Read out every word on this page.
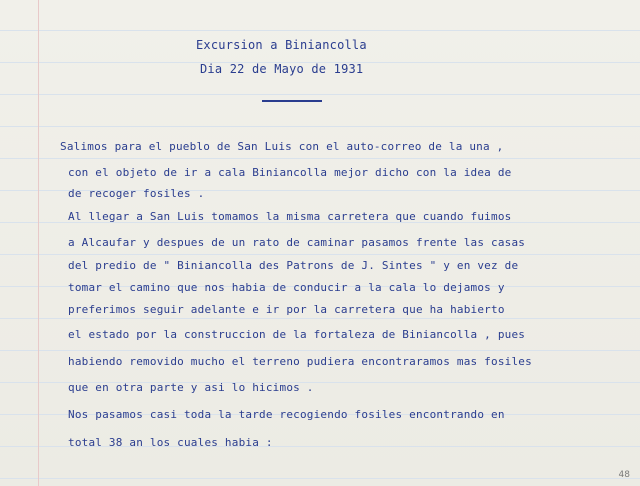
Excursion a Biniancolla

Dia 22 de Mayo de 1931

Salimos para el pueblo de San Luis con el auto-correo de la una ,

con el objeto de ir a cala Biniancolla mejor dicho con la idea de

de recoger fosiles .

Al llegar a San Luis tomamos la misma carretera que cuando fuimos

a Alcaufar y despues de un rato de caminar pasamos frente las casas

del predio de " Biniancolla des Patrons de J. Sintes " y en vez de

tomar el camino que nos habia de conducir a la cala lo dejamos y

preferimos seguir adelante e ir por la carretera que ha habierto

el estado por la construccion de la fortaleza de Biniancolla , pues

habiendo removido mucho el terreno pudiera encontraramos mas fosiles

que en otra parte y asi lo hicimos .

Nos pasamos casi toda la tarde recogiendo fosiles encontrando en

total 38 an los cuales habia :

48
